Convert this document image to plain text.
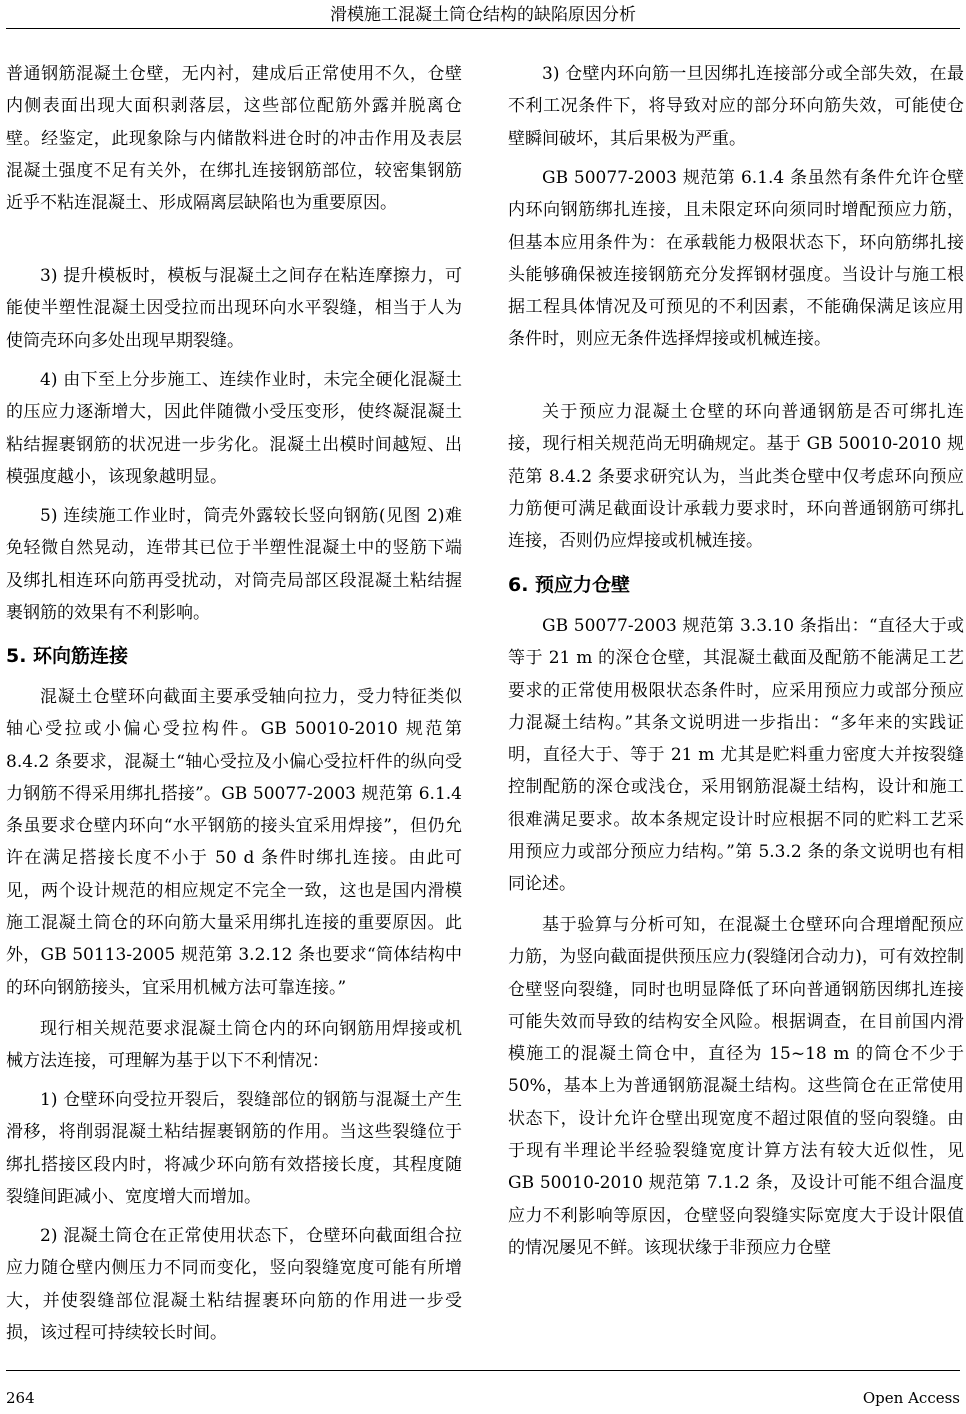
滑模施工混凝土筒仓结构的缺陷原因分析

普通钢筋混凝土仓壁，无内衬，建成后正常使用不久，仓壁内侧表面出现大面积剥落层，这些部位配筋外露并脱离仓壁。经鉴定，此现象除与内储散料进仓时的冲击作用及表层混凝土强度不足有关外，在绑扎连接钢筋部位，较密集钢筋近乎不粘连混凝土、形成隔离层缺陷也为重要原因。

3) 提升模板时，模板与混凝土之间存在粘连摩擦力，可能使半塑性混凝土因受拉而出现环向水平裂缝，相当于人为使筒壳环向多处出现早期裂缝。

4) 由下至上分步施工、连续作业时，未完全硬化混凝土的压应力逐渐增大，因此伴随微小受压变形，使终凝混凝土粘结握裹钢筋的状况进一步劣化。混凝土出模时间越短、出模强度越小，该现象越明显。

5) 连续施工作业时，筒壳外露较长竖向钢筋(见图 2)难免轻微自然晃动，连带其已位于半塑性混凝土中的竖筋下端及绑扎相连环向筋再受扰动，对筒壳局部区段混凝土粘结握裹钢筋的效果有不利影响。

5. 环向筋连接

混凝土仓壁环向截面主要承受轴向拉力，受力特征类似轴心受拉或小偏心受拉构件。GB 50010-2010 规范第 8.4.2 条要求，混凝土“轴心受拉及小偏心受拉杆件的纵向受力钢筋不得采用绑扎搭接”。GB 50077-2003 规范第 6.1.4 条虽要求仓壁内环向“水平钢筋的接头宜采用焊接”，但仍允许在满足搭接长度不小于 50 d 条件时绑扎连接。由此可见，两个设计规范的相应规定不完全一致，这也是国内滑模施工混凝土筒仓的环向筋大量采用绑扎连接的重要原因。此外，GB 50113-2005 规范第 3.2.12 条也要求“筒体结构中的环向钢筋接头，宜采用机械方法可靠连接。”

现行相关规范要求混凝土筒仓内的环向钢筋用焊接或机械方法连接，可理解为基于以下不利情况：

1) 仓壁环向受拉开裂后，裂缝部位的钢筋与混凝土产生滑移，将削弱混凝土粘结握裹钢筋的作用。当这些裂缝位于绑扎搭接区段内时，将减少环向筋有效搭接长度，其程度随裂缝间距减小、宽度增大而增加。

2) 混凝土筒仓在正常使用状态下，仓壁环向截面组合拉应力随仓壁内侧压力不同而变化，竖向裂缝宽度可能有所增大，并使裂缝部位混凝土粘结握裹环向筋的作用进一步受损，该过程可持续较长时间。

3) 仓壁内环向筋一旦因绑扎连接部分或全部失效，在最不利工况条件下，将导致对应的部分环向筋失效，可能使仓壁瞬间破坏，其后果极为严重。

GB 50077-2003 规范第 6.1.4 条虽然有条件允许仓壁内环向钢筋绑扎连接，且未限定环向须同时增配预应力筋，但基本应用条件为：在承载能力极限状态下，环向筋绑扎接头能够确保被连接钢筋充分发挥钢材强度。当设计与施工根据工程具体情况及可预见的不利因素，不能确保满足该应用条件时，则应无条件选择焊接或机械连接。

关于预应力混凝土仓壁的环向普通钢筋是否可绑扎连接，现行相关规范尚无明确规定。基于 GB 50010-2010 规范第 8.4.2 条要求研究认为，当此类仓壁中仅考虑环向预应力筋便可满足截面设计承载力要求时，环向普通钢筋可绑扎连接，否则仍应焊接或机械连接。

6. 预应力仓壁

GB 50077-2003 规范第 3.3.10 条指出：“直径大于或等于 21 m 的深仓仓壁，其混凝土截面及配筋不能满足工艺要求的正常使用极限状态条件时，应采用预应力或部分预应力混凝土结构。”其条文说明进一步指出：“多年来的实践证明，直径大于、等于 21 m 尤其是贮料重力密度大并按裂缝控制配筋的深仓或浅仓，采用钢筋混凝土结构，设计和施工很难满足要求。故本条规定设计时应根据不同的贮料工艺采用预应力或部分预应力结构。”第 5.3.2 条的条文说明也有相同论述。

基于验算与分析可知，在混凝土仓壁环向合理增配预应力筋，为竖向截面提供预压应力(裂缝闭合动力)，可有效控制仓壁竖向裂缝，同时也明显降低了环向普通钢筋因绑扎连接可能失效而导致的结构安全风险。根据调查，在目前国内滑模施工的混凝土筒仓中，直径为 15~18 m 的筒仓不少于 50%，基本上为普通钢筋混凝土结构。这些筒仓在正常使用状态下，设计允许仓壁出现宽度不超过限值的竖向裂缝。由于现有半理论半经验裂缝宽度计算方法有较大近似性，见 GB 50010-2010 规范第 7.1.2 条，及设计可能不组合温度应力不利影响等原因，仓壁竖向裂缝实际宽度大于设计限值的情况屡见不鲜。该现状缘于非预应力仓壁

264	Open Access
